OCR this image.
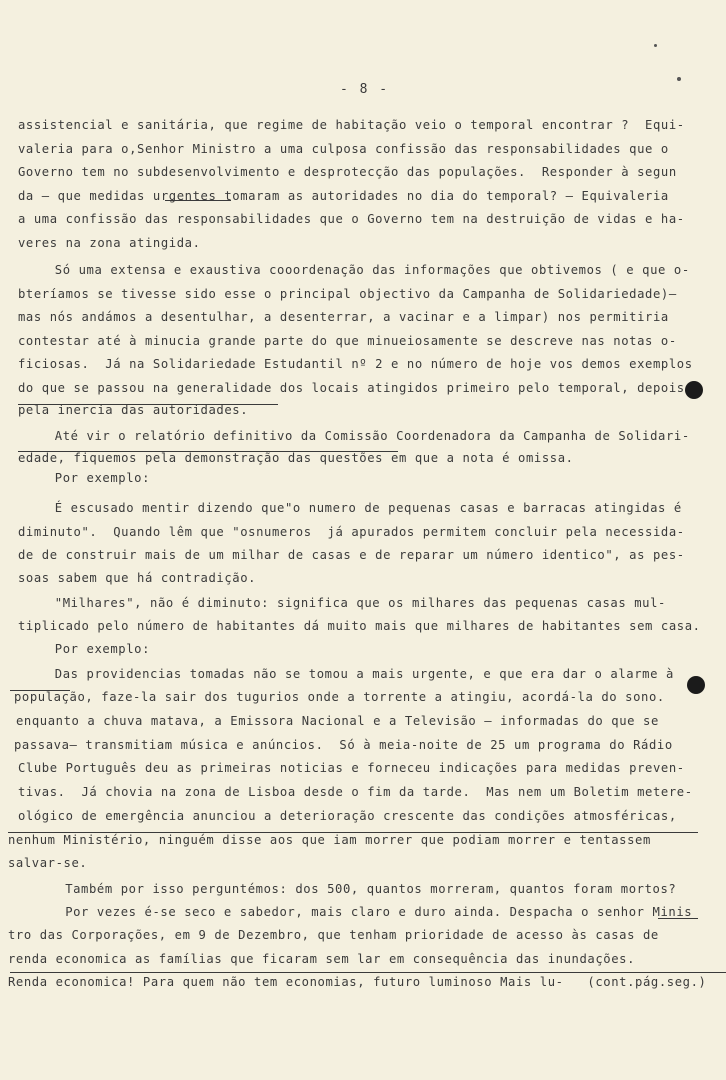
- 8 -
assistencial e sanitária, que regime de habitação veio o temporal encontrar ?  Equi-
valeria para o,Senhor Ministro a uma culposa confissão das responsabilidades que o
Governo tem no subdesenvolvimento e desprotecção das populações.  Responder à segun
da — que medidas urgentes tomaram as autoridades no dia do temporal? — Equivaleria
a uma confissão das responsabilidades que o Governo tem na destruição de vidas e ha-
veres na zona atingida.
Só uma extensa e exaustiva cooordenação das informações que obtivemos ( e que o-
bteríamos se tivesse sido esse o principal objectivo da Campanha de Solidariedade)—
mas nós andámos a desentulhar, a desenterrar, a vacinar e a limpar) nos permitiria
contestar até à minucia grande parte do que minueiosamente se descreve nas notas o-
ficiosas.  Já na Solidariedade Estudantil nº 2 e no número de hoje vos demos exemplos
do que se passou na generalidade dos locais atingidos primeiro pelo temporal, depois
pela inercia das autoridades.
Até vir o relatório definitivo da Comissão Coordenadora da Campanha de Solidari-
edade, fiquemos pela demonstração das questões em que a nota é omissa.
Por exemplo:
É escusado mentir dizendo que"o numero de pequenas casas e barracas atingidas é
diminuto".  Quando lêm que "osnumeros  já apurados permitem concluir pela necessida-
de de construir mais de um milhar de casas e de reparar um número identico", as pes-
soas sabem que há contradição.
"Milhares", não é diminuto: significa que os milhares das pequenas casas mul-
tiplicado pelo número de habitantes dá muito mais que milhares de habitantes sem casa.
Por exemplo:
Das providencias tomadas não se tomou a mais urgente, e que era dar o alarme à
população, faze-la sair dos tugurios onde a torrente a atingiu, acordá-la do sono.
enquanto a chuva matava, a Emissora Nacional e a Televisão — informadas do que se
passava— transmitiam música e anúncios.  Só à meia-noite de 25 um programa do Rádio
Clube Português deu as primeiras noticias e forneceu indicações para medidas preven-
tivas.  Já chovia na zona de Lisboa desde o fim da tarde.  Mas nem um Boletim metere-
ológico de emergência anunciou a deterioração crescente das condições atmosféricas,
nenhum Ministério, ninguém disse aos que iam morrer que podiam morrer e tentassem
salvar-se.
Também por isso perguntémos: dos 500, quantos morreram, quantos foram mortos?
Por vezes é-se seco e sabedor, mais claro e duro ainda. Despacha o senhor Minis
tro das Corporações, em 9 de Dezembro, que tenham prioridade de acesso às casas de
renda economica as famílias que ficaram sem lar em consequência das inundações.
Renda economica! Para quem não tem economias, futuro luminoso Mais lu-   (cont.pág.seg.)
